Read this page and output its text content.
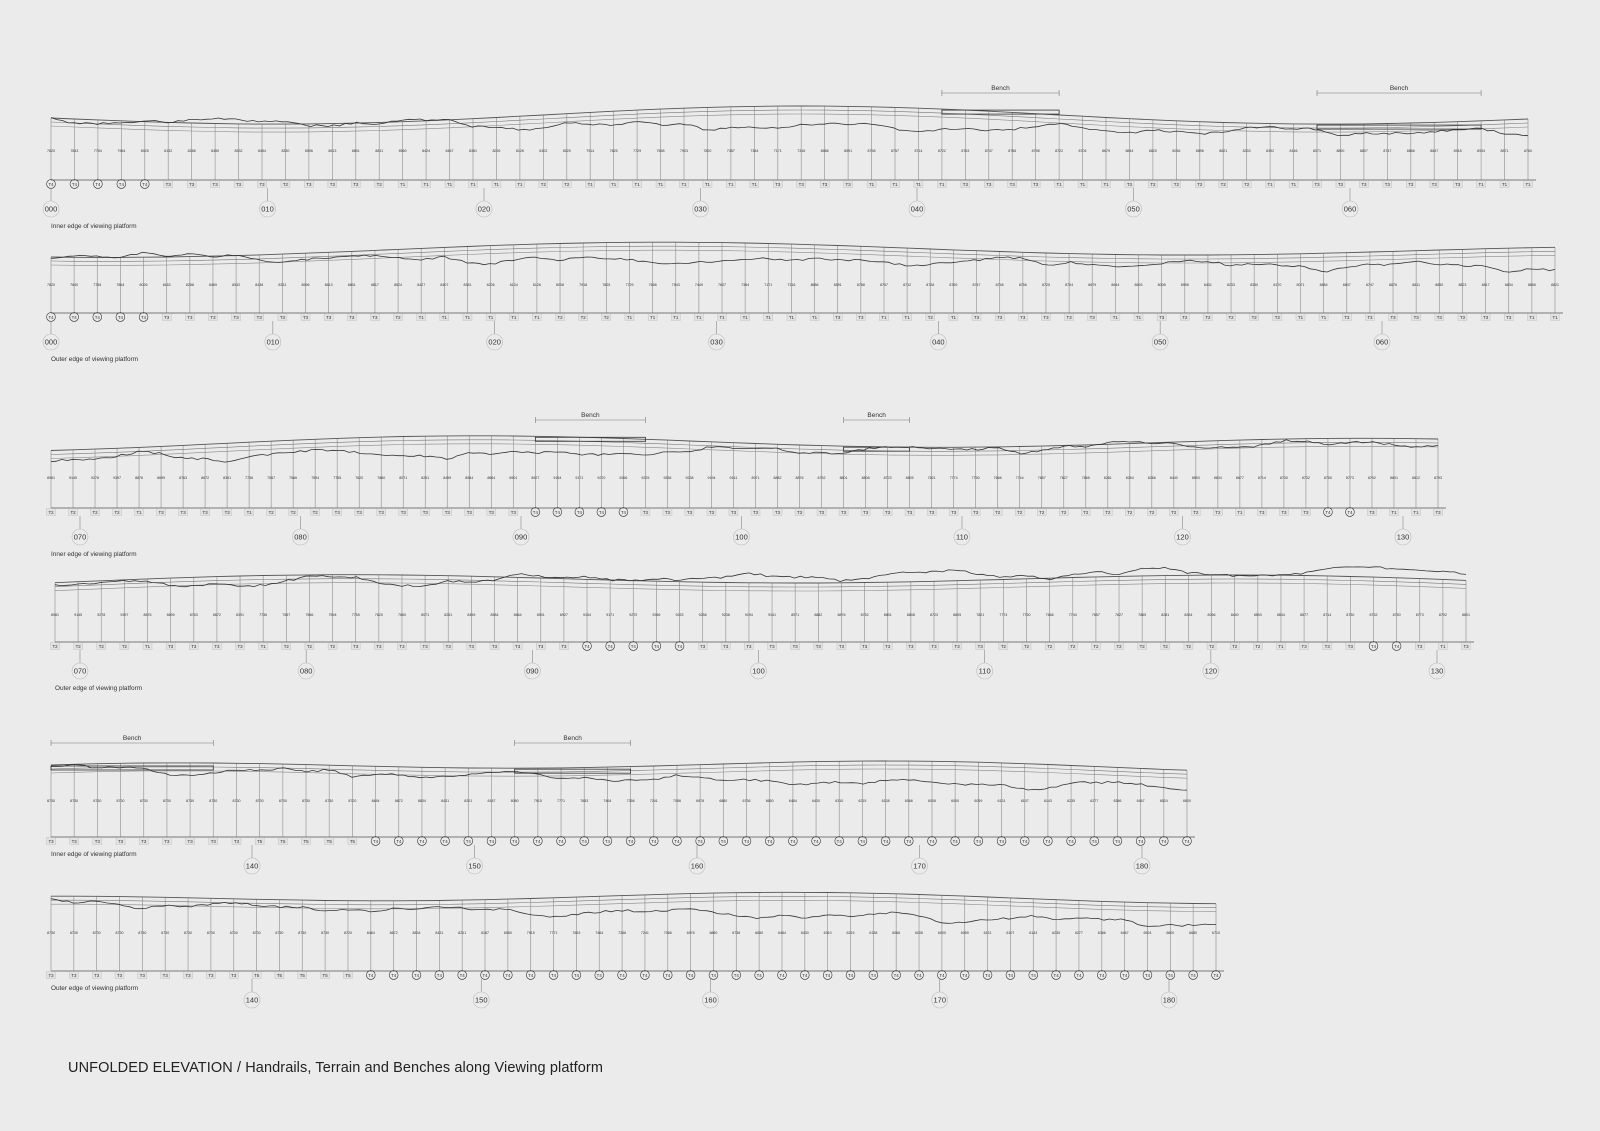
7820
T4
7843
T4
7784
T4
7964
T4
8025
T4
8132
T3
8288
T3
8450
T3
8532
T3
8454
T3
8330
T2
8596
T3
8613
T3
8801
T3
8811
T2
8560
T1
8424
T1
8467
T1
8381
T1
8226
T1
8126
T1
8102
T2
8020
T2
7914
T1
7825
T1
7729
T1
7658
T1
7903
T1
7820
T1
7387
T1
7384
T1
7171
T3
7316
T3
8686
T3
8591
T3
8758
T1
8757
T1
8714
T1
8722
T1
8763
T3
8747
T3
8756
T3
8798
T3
8722
T1
8704
T1
8679
T1
8844
T3
8820
T2
8036
T2
8896
T2
8821
T2
8333
T2
8392
T1
8146
T1
8071
T3
8890
T3
8807
T3
8747
T3
8866
T3
8847
T3
8918
T3
8934
T1
8871
T1
8760
T1
000	010	020	030	040	050	060
Inner edge of viewing platform
Bench	Bench
7820
T4
7840
T4
7755
T4
7864
T4
8026
T4
8163
T3
8288
T3
8469
T3
8532
T3
8438
T3
8331
T3
8596
T3
8613
T3
8801
T3
8817
T3
8524
T2
8427
T1
8407
T1
8381
T1
8226
T1
8134
T1
8126
T1
8008
T2
7918
T2
7825
T2
7729
T1
7658
T1
7943
T1
7449
T1
7607
T1
7384
T1
7171
T1
7316
T1
8686
T1
8591
T3
8788
T3
8757
T1
8712
T1
8728
T2
8769
T1
8747
T3
8746
T3
8756
T3
8725
T3
8704
T3
8679
T3
8644
T1
8693
T1
8008
T3
8998
T2
8431
T2
8233
T2
8350
T2
8170
T2
8071
T1
8884
T1
8847
T3
8747
T3
8876
T3
8811
T3
8850
T3
8823
T3
8817
T3
8834
T3
8856
T1
8821
T1
000	010	020	030	040	050	060
Outer edge of viewing platform
8981
T2
9145
T2
9278
T2
9397
T2
8876
T1
8699
T3
8763
T3
8672
T3
8391
T3
7736
T1
7557
T2
7566
T2
7594
T2
7755
T3
7620
T3
7860
T3
8071
T3
8251
T3
8459
T3
8584
T3
8664
T3
8901
T3
8927
T4
9154
T4
9171
T4
9270
T4
9266
T4
9225
T3
9258
T3
9238
T3
9194
T3
9141
T3
8971
T3
8882
T3
8876
T3
8752
T3
8801
T3
8808
T3
8723
T3
8805
T3
7821
T3
7774
T3
7750
T3
7666
T2
7744
T2
7657
T2
7627
T2
7865
T2
8281
T2
8264
T2
8266
T2
8440
T2
8593
T2
8634
T2
8677
T1
8714
T3
8730
T3
8732
T3
8750
T4
8773
T4
8792
T3
8801
T1
8812
T1
8793
T3
070	080	090	100	110	120	130
Inner edge of viewing platform
Bench	Bench
8981
T2
9145
T2
9278
T2
9397
T2
8876
T1
8699
T3
8763
T3
8672
T3
8391
T3
7736
T1
7557
T2
7566
T2
7594
T2
7755
T3
7620
T3
7860
T3
8071
T3
8251
T3
8459
T3
8584
T3
8664
T3
8901
T3
8927
T3
9154
T4
9171
T4
9270
T4
9266
T4
9225
T4
9258
T3
9238
T3
9194
T3
9141
T3
8971
T3
8882
T3
8876
T3
8752
T3
8801
T3
8808
T3
8723
T3
8805
T3
7821
T3
7774
T2
7750
T2
7666
T2
7744
T2
7657
T2
7627
T2
7865
T2
8281
T2
8264
T2
8266
T2
8440
T2
8593
T2
8634
T1
8677
T3
8714
T3
8730
T3
8732
T4
8750
T4
8773
T3
8792
T1
8801
T3
070	080	090	100	110	120	130
Outer edge of viewing platform
8730
T3
8730
T3
8730
T3
8730
T3
8730
T3
8730
T3
8730
T3
8730
T3
8730
T3
8730
T5
8730
T5
8730
T5
8730
T5
8720
T5
8484
T4
8672
T4
8834
T4
8431
T4
8201
T4
8187
T4
8080
T4
7915
T4
7771
T4
7653
T4
7464
T4
7356
T4
7241
T4
7086
T4
6978
T4
6880
T4
6736
T4
6650
T4
6484
T4
6430
T4
6310
T4
6215
T4
6138
T4
6066
T4
6006
T4
6000
T4
6059
T4
6131
T4
6107
T4
6143
T4
6235
T4
6277
T4
6386
T4
6467
T4
6524
T4
6600
T4
140	150	160	170	180
Inner edge of viewing platform
Bench	Bench
8730
T3
8730
T3
8730
T3
8730
T3
8730
T3
8730
T3
8730
T3
8730
T3
8730
T3
8730
T5
8730
T5
8730
T5
8730
T5
8720
T5
8484
T4
8672
T4
8834
T4
8431
T4
8201
T4
8187
T4
8080
T4
7915
T4
7771
T4
7653
T4
7464
T4
7356
T4
7241
T4
7086
T4
6978
T4
6880
T4
6736
T4
6650
T4
6484
T4
6430
T4
6310
T4
6215
T4
6138
T4
6066
T4
6006
T4
6000
T4
6059
T4
6131
T4
6107
T4
6143
T4
6235
T4
6277
T4
6386
T4
6467
T4
6524
T4
6600
T4
6680
T4
6710
T4
140	150	160	170	180
Outer edge of viewing platform
UNFOLDED ELEVATION / Handrails, Terrain and Benches along Viewing platform
